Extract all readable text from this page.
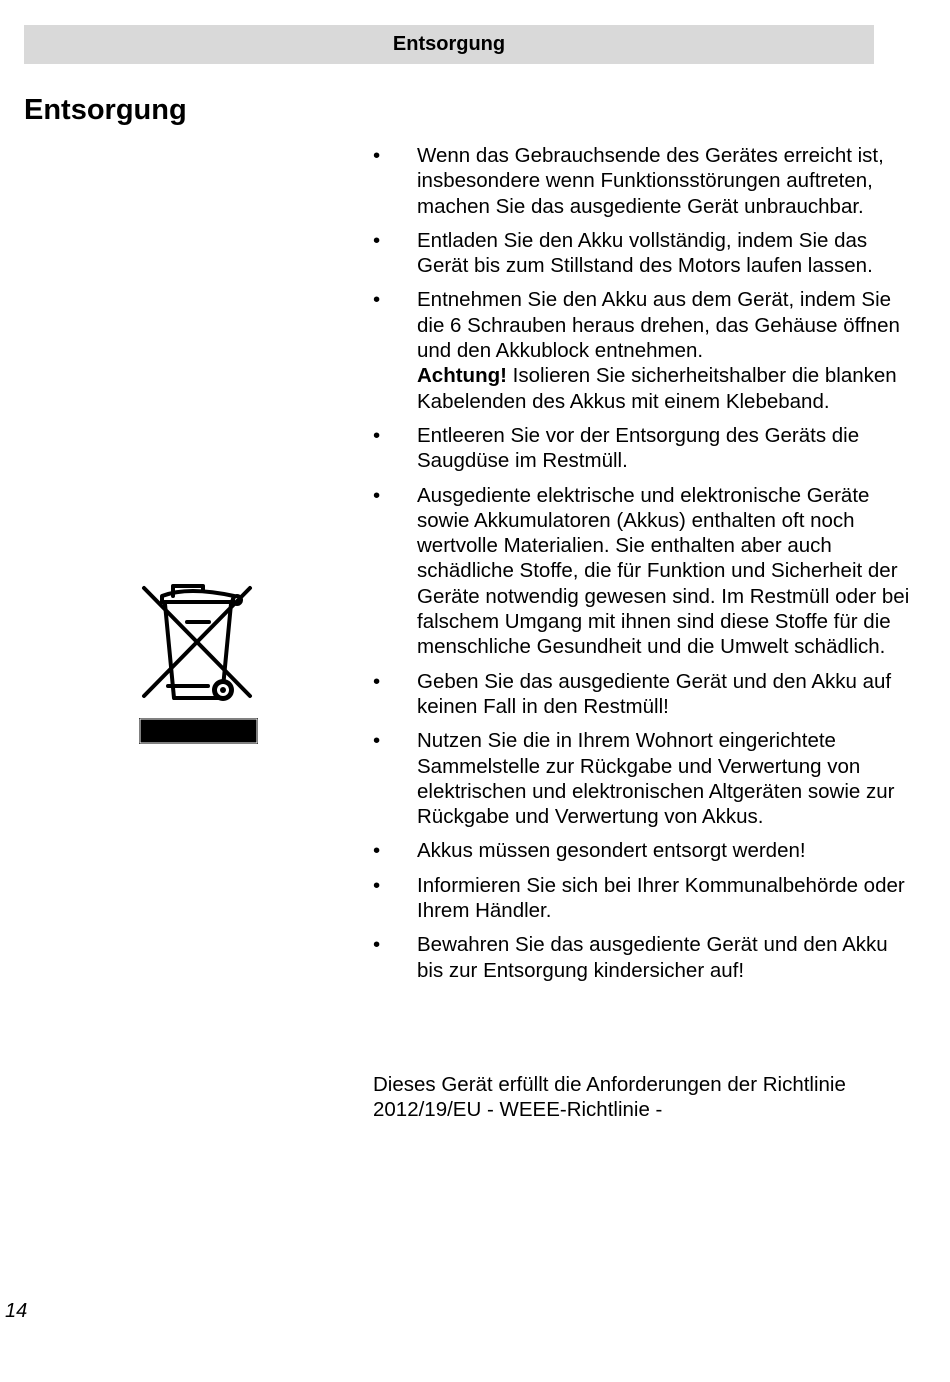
Entsorgung
Entsorgung
• Wenn das Gebrauchsende des Gerätes erreicht ist, insbesondere wenn Funktionsstörungen auftreten, machen Sie das ausgediente Gerät unbrauchbar.
• Entladen Sie den Akku vollständig, indem Sie das Gerät bis zum Stillstand des Motors laufen lassen.
• Entnehmen Sie den Akku aus dem Gerät, indem Sie die 6 Schrauben heraus drehen, das Gehäuse öffnen und den Akkublock entnehmen.
Achtung! Isolieren Sie sicherheitshalber die blanken Kabelenden des Akkus mit einem Klebeband.
• Entleeren Sie vor der Entsorgung des Geräts die Saugdüse im Restmüll.
• Ausgediente elektrische und elektronische Geräte sowie Akkumulatoren (Akkus) enthalten oft noch wertvolle Materialien. Sie enthalten aber auch schädliche Stoffe, die für Funktion und Sicherheit der Geräte notwendig gewesen sind. Im Restmüll oder bei falschem Umgang mit ihnen sind diese Stoffe für die menschliche Gesundheit und die Umwelt schädlich.
• Geben Sie das ausgediente Gerät und den Akku auf keinen Fall in den Restmüll!
• Nutzen Sie die in Ihrem Wohnort eingerichtete Sammelstelle zur Rückgabe und Verwertung von elektrischen und elektronischen Altgeräten sowie zur Rückgabe und Verwertung von Akkus.
• Akkus müssen gesondert entsorgt werden!
• Informieren Sie sich bei Ihrer Kommunalbehörde oder Ihrem Händler.
• Bewahren Sie das ausgediente Gerät und den Akku bis zur Entsorgung kindersicher auf!

Dieses Gerät erfüllt die Anforderungen der Richtlinie
2012/19/EU - WEEE-Richtlinie -

14
